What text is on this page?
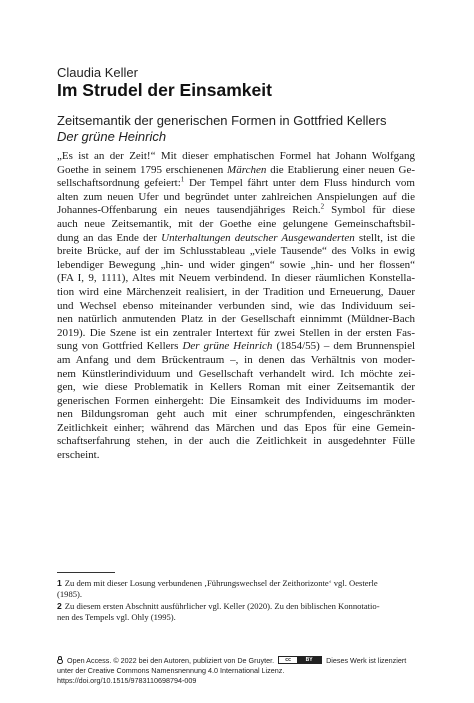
Claudia Keller
Im Strudel der Einsamkeit
Zeitsemantik der generischen Formen in Gottfried Kellers
Der grüne Heinrich
„Es ist an der Zeit!“ Mit dieser emphatischen Formel hat Johann Wolfgang
Goethe in seinem 1795 erschienenen Märchen die Etablierung einer neuen Ge-
sellschaftsordnung gefeiert:$^1$ Der Tempel fährt unter dem Fluss hindurch vom
alten zum neuen Ufer und begründet unter zahlreichen Anspielungen auf die
Johannes-Offenbarung ein neues tausendjähriges Reich.$^2$ Symbol für diese
auch neue Zeitsemantik, mit der Goethe eine gelungene Gemeinschaftsbil-
dung an das Ende der Unterhaltungen deutscher Ausgewanderten stellt, ist die
breite Brücke, auf der im Schlusstableau „viele Tausende“ des Volks in ewig
lebendiger Bewegung „hin- und wider gingen“ sowie „hin- und her flossen“
(FA I, 9, 1111), Altes mit Neuem verbindend. In dieser räumlichen Konstella-
tion wird eine Märchenzeit realisiert, in der Tradition und Erneuerung, Dauer
und Wechsel ebenso miteinander verbunden sind, wie das Individuum sei-
nen natürlich anmutenden Platz in der Gesellschaft einnimmt (Müldner-Bach
2019). Die Szene ist ein zentraler Intertext für zwei Stellen in der ersten Fas-
sung von Gottfried Kellers Der grüne Heinrich (1854/55) – dem Brunnenspiel
am Anfang und dem Brückentraum –, in denen das Verhältnis von moder-
nem Künstlerindividuum und Gesellschaft verhandelt wird. Ich möchte zei-
gen, wie diese Problematik in Kellers Roman mit einer Zeitsemantik der
generischen Formen einhergeht: Die Einsamkeit des Individuums im moder-
nen Bildungsroman geht auch mit einer schrumpfenden, eingeschränkten
Zeitlichkeit einher; während das Märchen und das Epos für eine Gemein-
schaftserfahrung stehen, in der auch die Zeitlichkeit in ausgedehnter Fülle
erscheint.
1 Zu dem mit dieser Losung verbundenen ‚Führungswechsel der Zeithorizonte‘ vgl. Oesterle
(1985).
2 Zu diesem ersten Abschnitt ausführlicher vgl. Keller (2020). Zu den biblischen Konnotatio-
nen des Tempels vgl. Ohly (1995).
Open Access. © 2022 bei den Autoren, publiziert von De Gruyter.	cc	BY	Dieses Werk ist lizenziert
unter der Creative Commons Namensnennung 4.0 International Lizenz.
https://doi.org/10.1515/9783110698794-009
